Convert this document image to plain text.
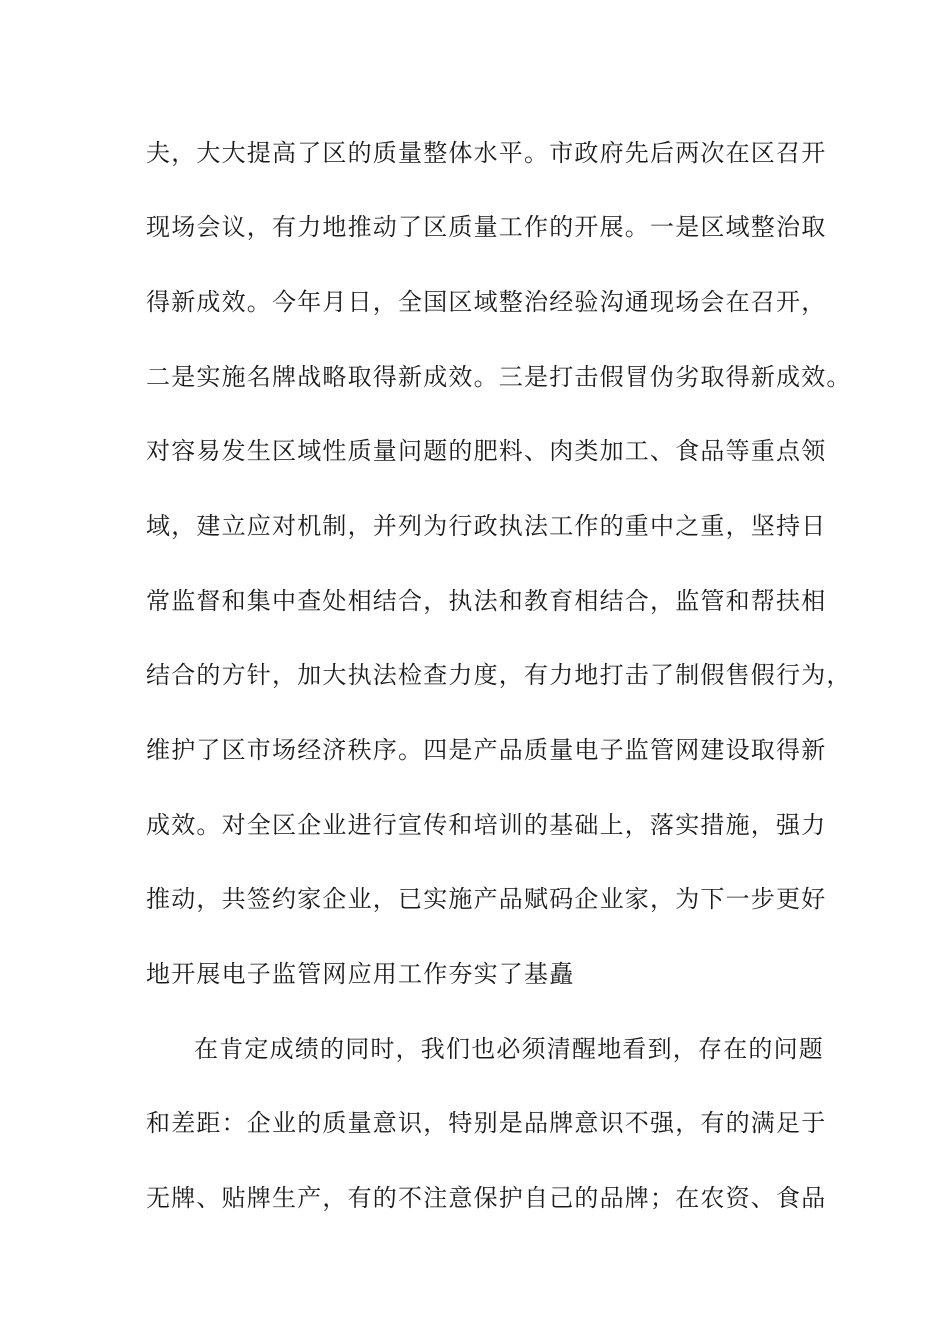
夫，大大提高了区的质量整体水平。市政府先后两次在区召开
现场会议，有力地推动了区质量工作的开展。一是区域整治取
得新成效。今年月日，全国区域整治经验沟通现场会在召开，
二是实施名牌战略取得新成效。三是打击假冒伪劣取得新成效。
对容易发生区域性质量问题的肥料、肉类加工、食品等重点领
域，建立应对机制，并列为行政执法工作的重中之重，坚持日
常监督和集中查处相结合，执法和教育相结合，监管和帮扶相
结合的方针，加大执法检查力度，有力地打击了制假售假行为，
维护了区市场经济秩序。四是产品质量电子监管网建设取得新
成效。对全区企业进行宣传和培训的基础上，落实措施，强力
推动，共签约家企业，已实施产品赋码企业家，为下一步更好
地开展电子监管网应用工作夯实了基矗
在肯定成绩的同时，我们也必须清醒地看到，存在的问题
和差距：企业的质量意识，特别是品牌意识不强，有的满足于
无牌、贴牌生产，有的不注意保护自己的品牌；在农资、食品
